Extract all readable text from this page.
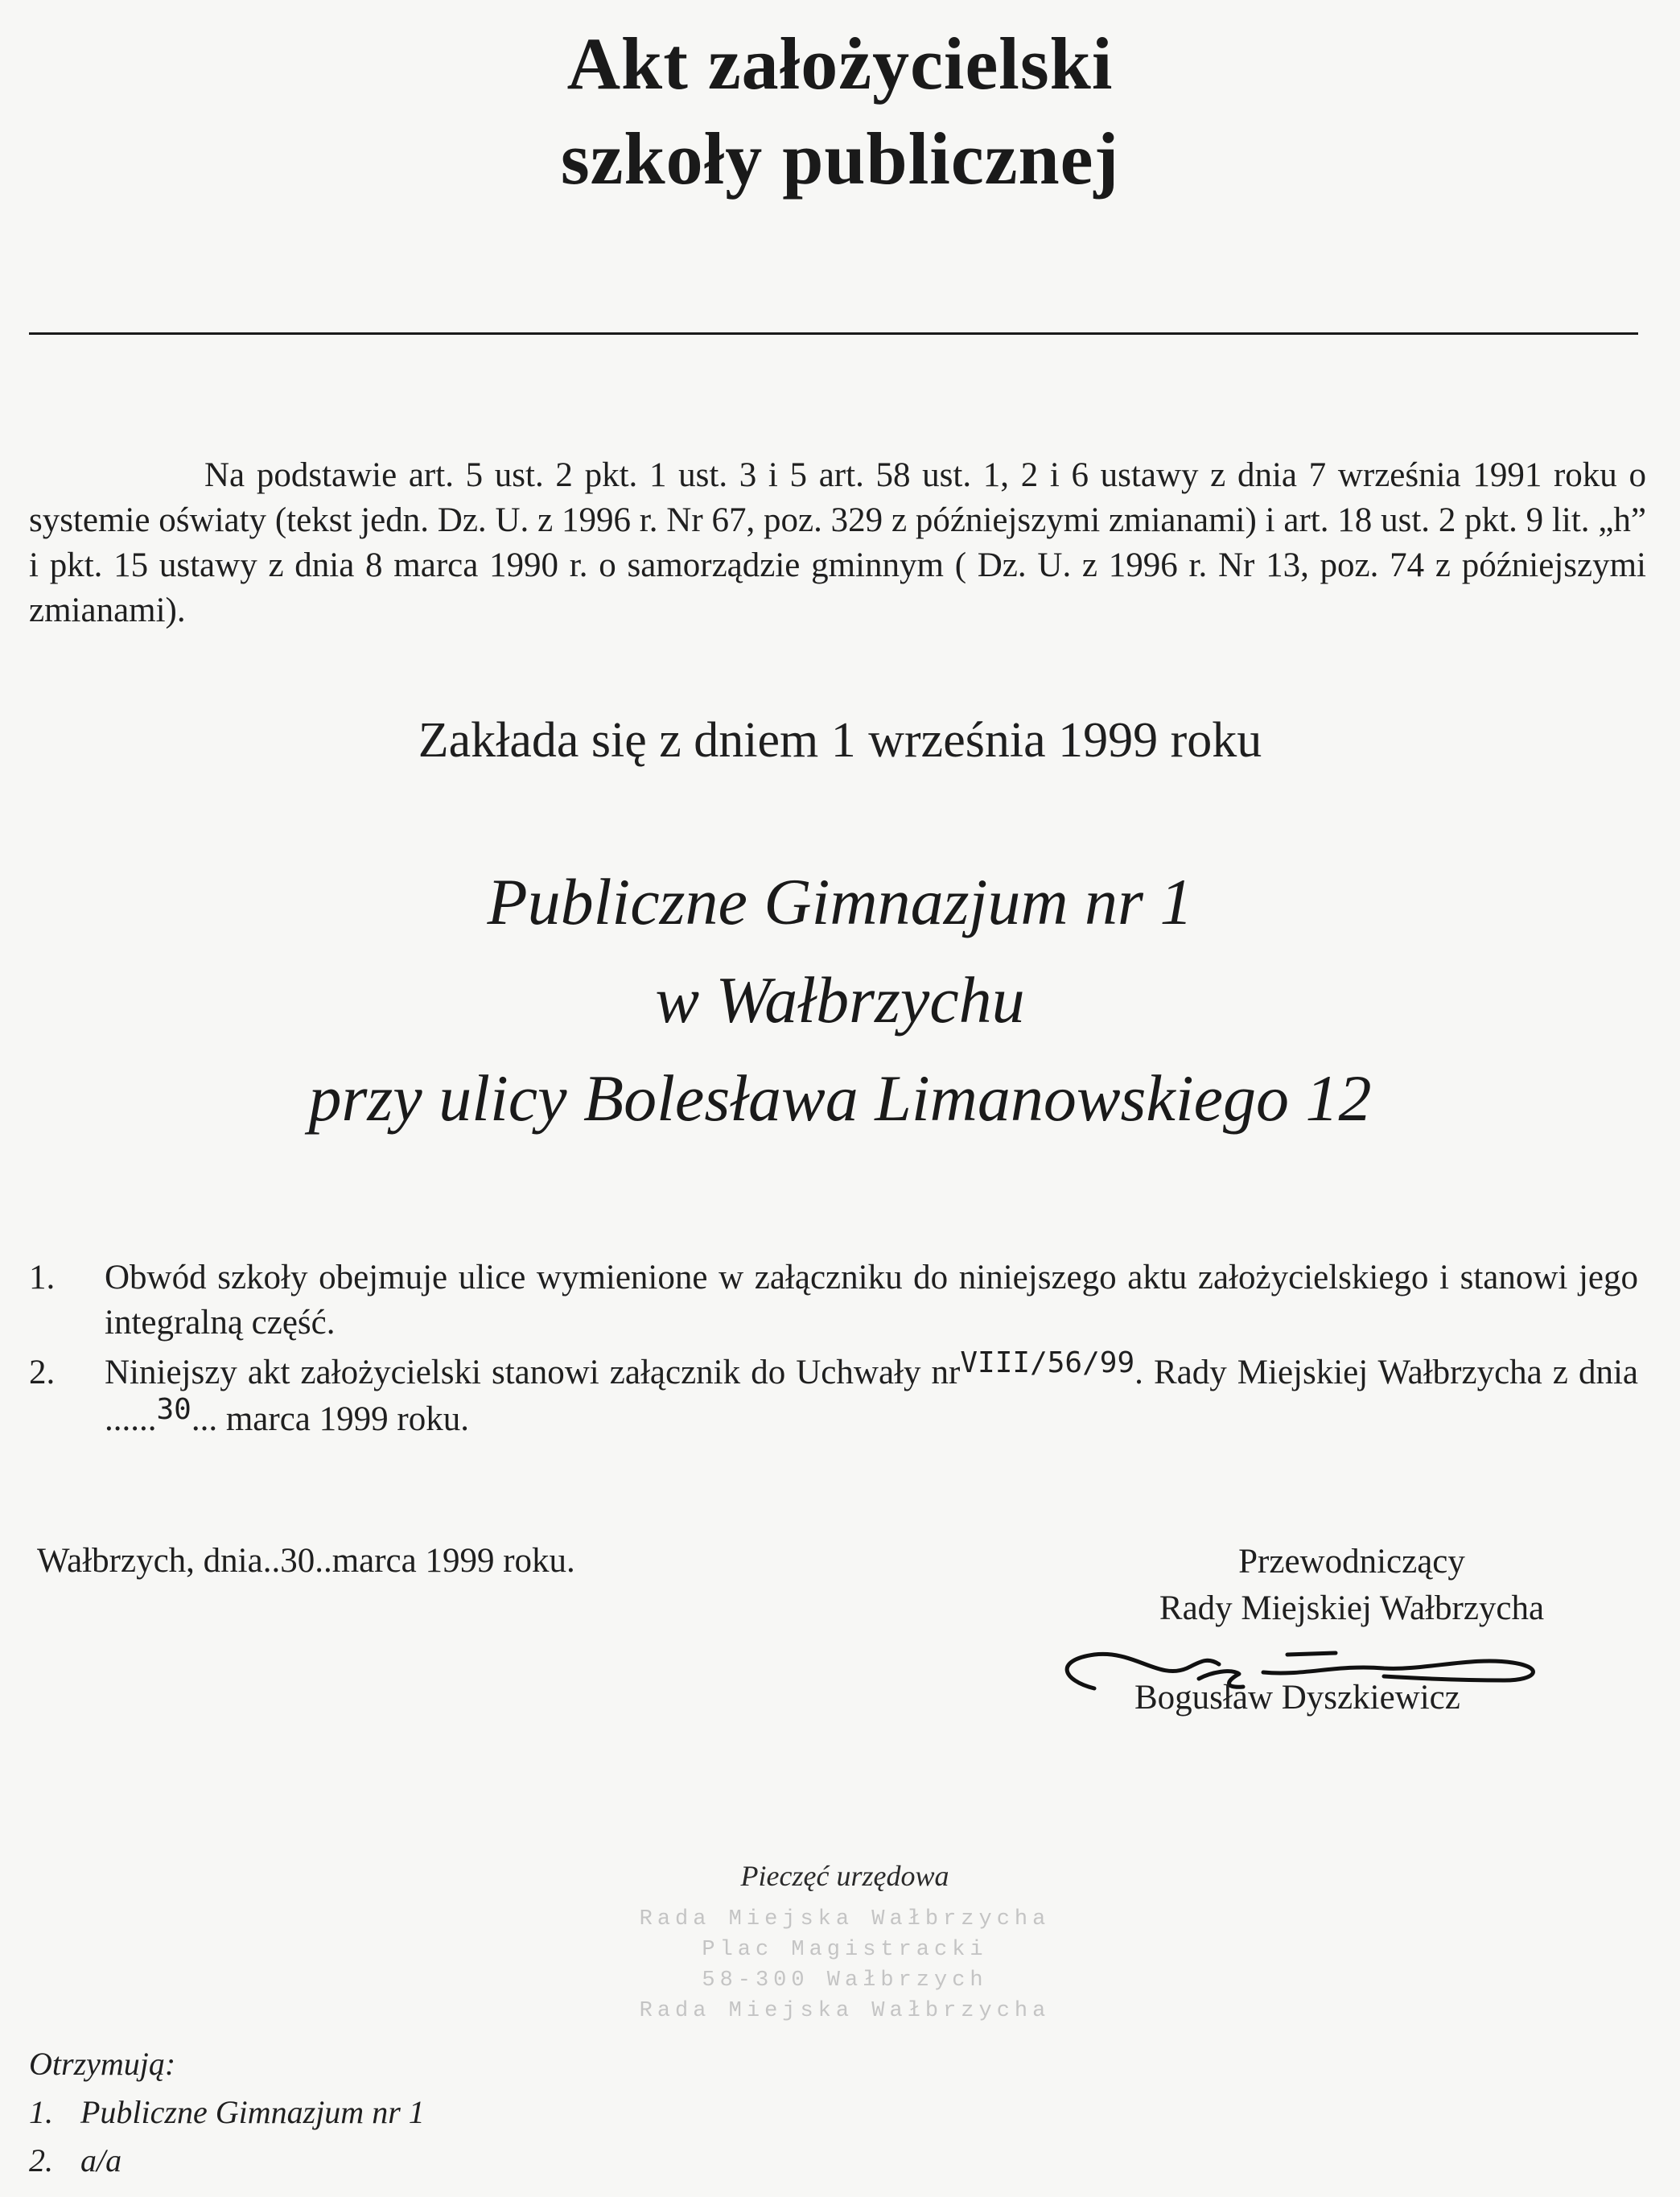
Akt założycielski
szkoły publicznej

Na podstawie art. 5 ust. 2 pkt. 1 ust. 3 i 5 art. 58 ust. 1, 2 i 6 ustawy z dnia 7 września 1991 roku o systemie oświaty (tekst jedn. Dz. U. z 1996 r. Nr 67, poz. 329 z późniejszymi zmianami) i art. 18 ust. 2 pkt. 9 lit. „h” i pkt. 15 ustawy z dnia 8 marca 1990 r. o samorządzie gminnym ( Dz. U. z 1996 r. Nr 13, poz. 74 z późniejszymi zmianami).

Zakłada się z dniem 1 września 1999 roku
Publiczne Gimnazjum nr 1
w Wałbrzychu
przy ulicy Bolesława Limanowskiego 12
1.	Obwód szkoły obejmuje ulice wymienione w załączniku do niniejszego aktu założycielskiego i stanowi jego integralną część.
2.	Niniejszy akt założycielski stanowi załącznik do Uchwały $nr^{VIII/56/99}$. Rady Miejskiej Wałbrzycha z dnia ......$^{30}$... marca 1999 roku.
Wałbrzych, dnia..30..marca 1999 roku.	Przewodniczący
Rady Miejskiej Wałbrzycha
Bogusław Dyszkiewicz
Pieczęć urzędowa
Rada Miejska Wałbrzycha
Plac Magistracki
58-300 Wałbrzych
Rada Miejska Wałbrzycha
Otrzymują:
1. Publiczne Gimnazjum nr 1
2. a/a
